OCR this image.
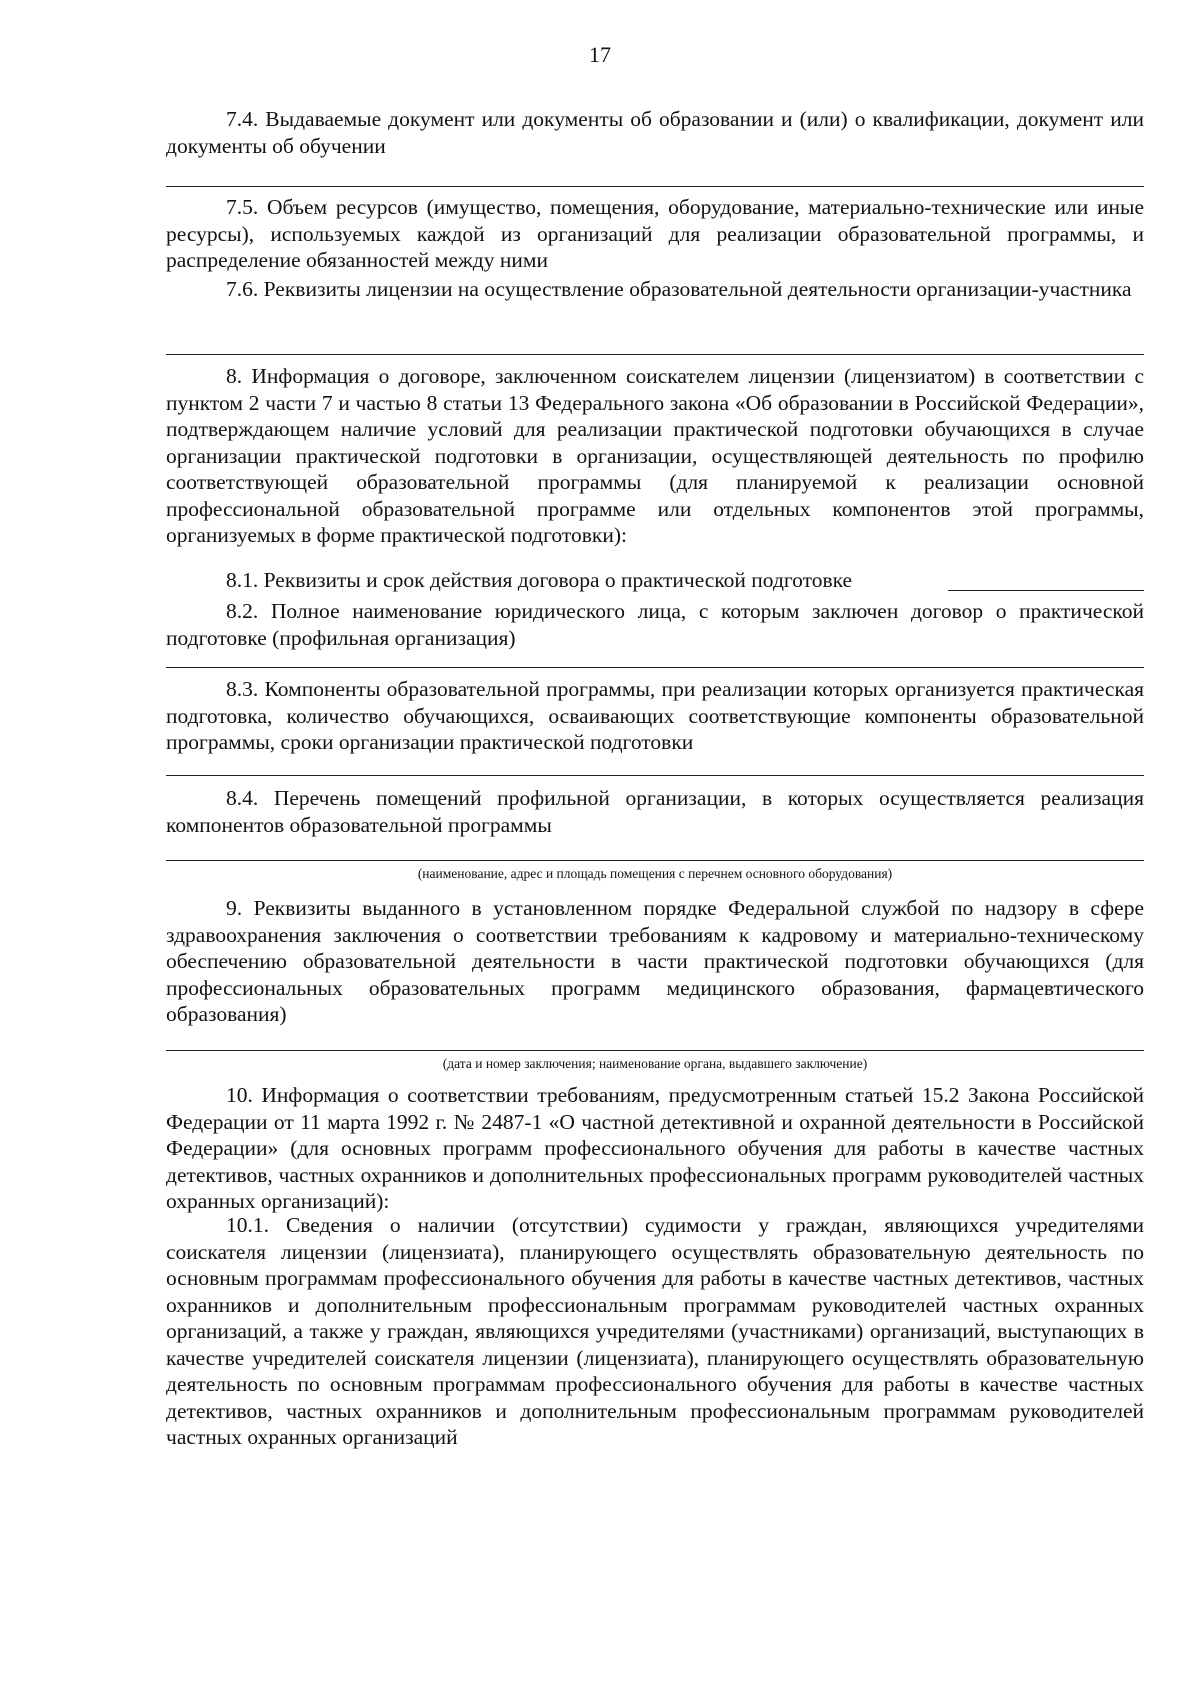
17

7.4. Выдаваемые документ или документы об образовании и (или) о квалификации, документ или документы об обучении

7.5. Объем ресурсов (имущество, помещения, оборудование, материально-технические или иные ресурсы), используемых каждой из организаций для реализации образовательной программы, и распределение обязанностей между ними

7.6. Реквизиты лицензии на осуществление образовательной деятельности организации-участника

8. Информация о договоре, заключенном соискателем лицензии (лицензиатом) в соответствии с пунктом 2 части 7 и частью 8 статьи 13 Федерального закона «Об образовании в Российской Федерации», подтверждающем наличие условий для реализации практической подготовки обучающихся в случае организации практической подготовки в организации, осуществляющей деятельность по профилю соответствующей образовательной программы (для планируемой к реализации основной профессиональной образовательной программе или отдельных компонентов этой программы, организуемых в форме практической подготовки):

8.1. Реквизиты и срок действия договора о практической подготовке

8.2. Полное наименование юридического лица, с которым заключен договор о практической подготовке (профильная организация)

8.3. Компоненты образовательной программы, при реализации которых организуется практическая подготовка, количество обучающихся, осваивающих соответствующие компоненты образовательной программы, сроки организации практической подготовки

8.4. Перечень помещений профильной организации, в которых осуществляется реализация компонентов образовательной программы

(наименование, адрес и площадь помещения с перечнем основного оборудования)

9. Реквизиты выданного в установленном порядке Федеральной службой по надзору в сфере здравоохранения заключения о соответствии требованиям к кадровому и материально-техническому обеспечению образовательной деятельности в части практической подготовки обучающихся (для профессиональных образовательных программ медицинского образования, фармацевтического образования)

(дата и номер заключения; наименование органа, выдавшего заключение)

10. Информация о соответствии требованиям, предусмотренным статьей 15.2 Закона Российской Федерации от 11 марта 1992 г. № 2487-1 «О частной детективной и охранной деятельности в Российской Федерации» (для основных программ профессионального обучения для работы в качестве частных детективов, частных охранников и дополнительных профессиональных программ руководителей частных охранных организаций):

10.1. Сведения о наличии (отсутствии) судимости у граждан, являющихся учредителями соискателя лицензии (лицензиата), планирующего осуществлять образовательную деятельность по основным программам профессионального обучения для работы в качестве частных детективов, частных охранников и дополнительным профессиональным программам руководителей частных охранных организаций, а также у граждан, являющихся учредителями (участниками) организаций, выступающих в качестве учредителей соискателя лицензии (лицензиата), планирующего осуществлять образовательную деятельность по основным программам профессионального обучения для работы в качестве частных детективов, частных охранников и дополнительным профессиональным программам руководителей частных охранных организаций
